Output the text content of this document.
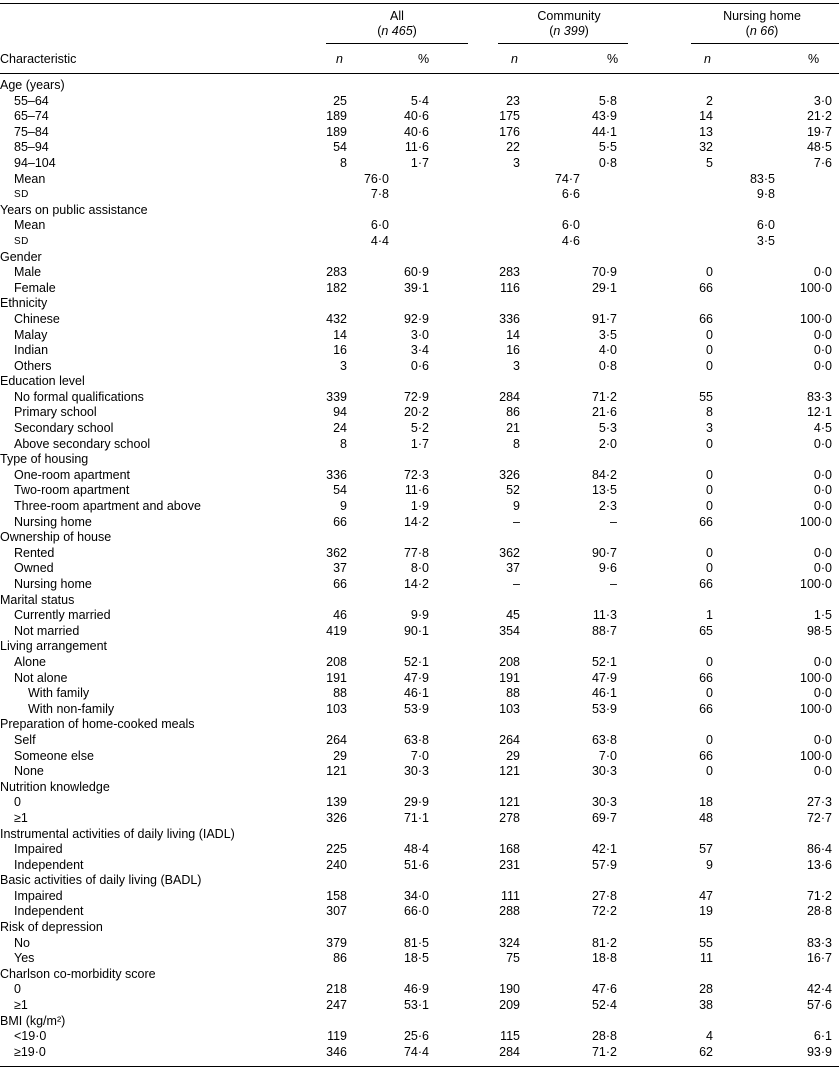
All
(n 465)
Community
(n 399)
Nursing home
(n 66)
Characteristic	n	%	n	%	n	%
Age (years)
55–64	25	5·4	23	5·8	2	3·0
65–74	189	40·6	175	43·9	14	21·2
75–84	189	40·6	176	44·1	13	19·7
85–94	54	11·6	22	5·5	32	48·5
94–104	8	1·7	3	0·8	5	7·6
Mean	76·0	74·7	83·5
SD	7·8	6·6	9·8
Years on public assistance
Mean	6·0	6·0	6·0
SD	4·4	4·6	3·5
Gender
Male	283	60·9	283	70·9	0	0·0
Female	182	39·1	116	29·1	66	100·0
Ethnicity
Chinese	432	92·9	336	91·7	66	100·0
Malay	14	3·0	14	3·5	0	0·0
Indian	16	3·4	16	4·0	0	0·0
Others	3	0·6	3	0·8	0	0·0
Education level
No formal qualifications	339	72·9	284	71·2	55	83·3
Primary school	94	20·2	86	21·6	8	12·1
Secondary school	24	5·2	21	5·3	3	4·5
Above secondary school	8	1·7	8	2·0	0	0·0
Type of housing
One-room apartment	336	72·3	326	84·2	0	0·0
Two-room apartment	54	11·6	52	13·5	0	0·0
Three-room apartment and above	9	1·9	9	2·3	0	0·0
Nursing home	66	14·2	–	–	66	100·0
Ownership of house
Rented	362	77·8	362	90·7	0	0·0
Owned	37	8·0	37	9·6	0	0·0
Nursing home	66	14·2	–	–	66	100·0
Marital status
Currently married	46	9·9	45	11·3	1	1·5
Not married	419	90·1	354	88·7	65	98·5
Living arrangement
Alone	208	52·1	208	52·1	0	0·0
Not alone	191	47·9	191	47·9	66	100·0
With family	88	46·1	88	46·1	0	0·0
With non-family	103	53·9	103	53·9	66	100·0
Preparation of home-cooked meals
Self	264	63·8	264	63·8	0	0·0
Someone else	29	7·0	29	7·0	66	100·0
None	121	30·3	121	30·3	0	0·0
Nutrition knowledge
0	139	29·9	121	30·3	18	27·3
≥1	326	71·1	278	69·7	48	72·7
Instrumental activities of daily living (IADL)
Impaired	225	48·4	168	42·1	57	86·4
Independent	240	51·6	231	57·9	9	13·6
Basic activities of daily living (BADL)
Impaired	158	34·0	111	27·8	47	71·2
Independent	307	66·0	288	72·2	19	28·8
Risk of depression
No	379	81·5	324	81·2	55	83·3
Yes	86	18·5	75	18·8	11	16·7
Charlson co-morbidity score
0	218	46·9	190	47·6	28	42·4
≥1	247	53·1	209	52·4	38	57·6
BMI (kg/m²)
<19·0	119	25·6	115	28·8	4	6·1
≥19·0	346	74·4	284	71·2	62	93·9
